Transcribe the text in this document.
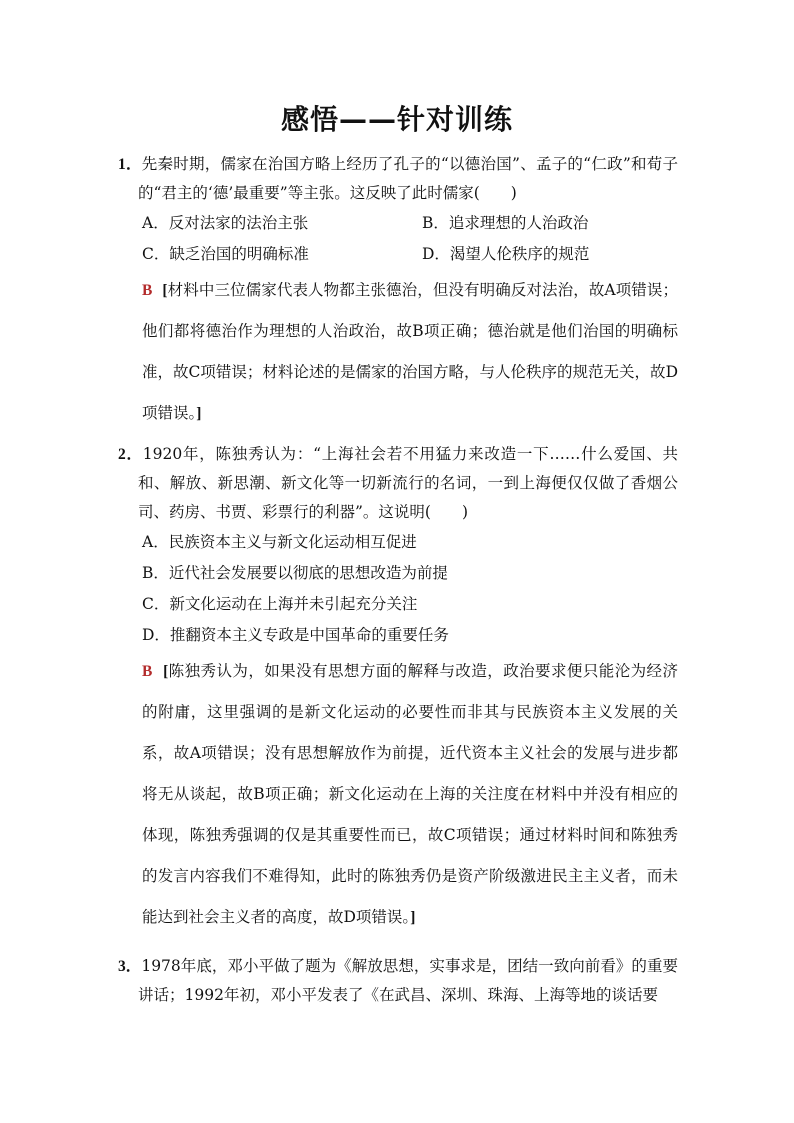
感悟——针对训练
1．先秦时期，儒家在治国方略上经历了孔子的“以德治国”、孟子的“仁政”和荀子的“君主的‘德’最重要”等主张。这反映了此时儒家(　　)
A．反对法家的法治主张	B．追求理想的人治政治
C．缺乏治国的明确标准	D．渴望人伦秩序的规范
B [材料中三位儒家代表人物都主张德治，但没有明确反对法治，故A项错误；他们都将德治作为理想的人治政治，故B项正确；德治就是他们治国的明确标准，故C项错误；材料论述的是儒家的治国方略，与人伦秩序的规范无关，故D项错误。]
2．1920年，陈独秀认为：“上海社会若不用猛力来改造一下……什么爱国、共和、解放、新思潮、新文化等一切新流行的名词，一到上海便仅仅做了香烟公司、药房、书贾、彩票行的利器”。这说明(　　)
A．民族资本主义与新文化运动相互促进
B．近代社会发展要以彻底的思想改造为前提
C．新文化运动在上海并未引起充分关注
D．推翻资本主义专政是中国革命的重要任务
B [陈独秀认为，如果没有思想方面的解释与改造，政治要求便只能沦为经济的附庸，这里强调的是新文化运动的必要性而非其与民族资本主义发展的关系，故A项错误；没有思想解放作为前提，近代资本主义社会的发展与进步都将无从谈起，故B项正确；新文化运动在上海的关注度在材料中并没有相应的体现，陈独秀强调的仅是其重要性而已，故C项错误；通过材料时间和陈独秀的发言内容我们不难得知，此时的陈独秀仍是资产阶级激进民主主义者，而未能达到社会主义者的高度，故D项错误。]
3．1978年底，邓小平做了题为《解放思想，实事求是，团结一致向前看》的重要讲话；1992年初，邓小平发表了《在武昌、深圳、珠海、上海等地的谈话要
